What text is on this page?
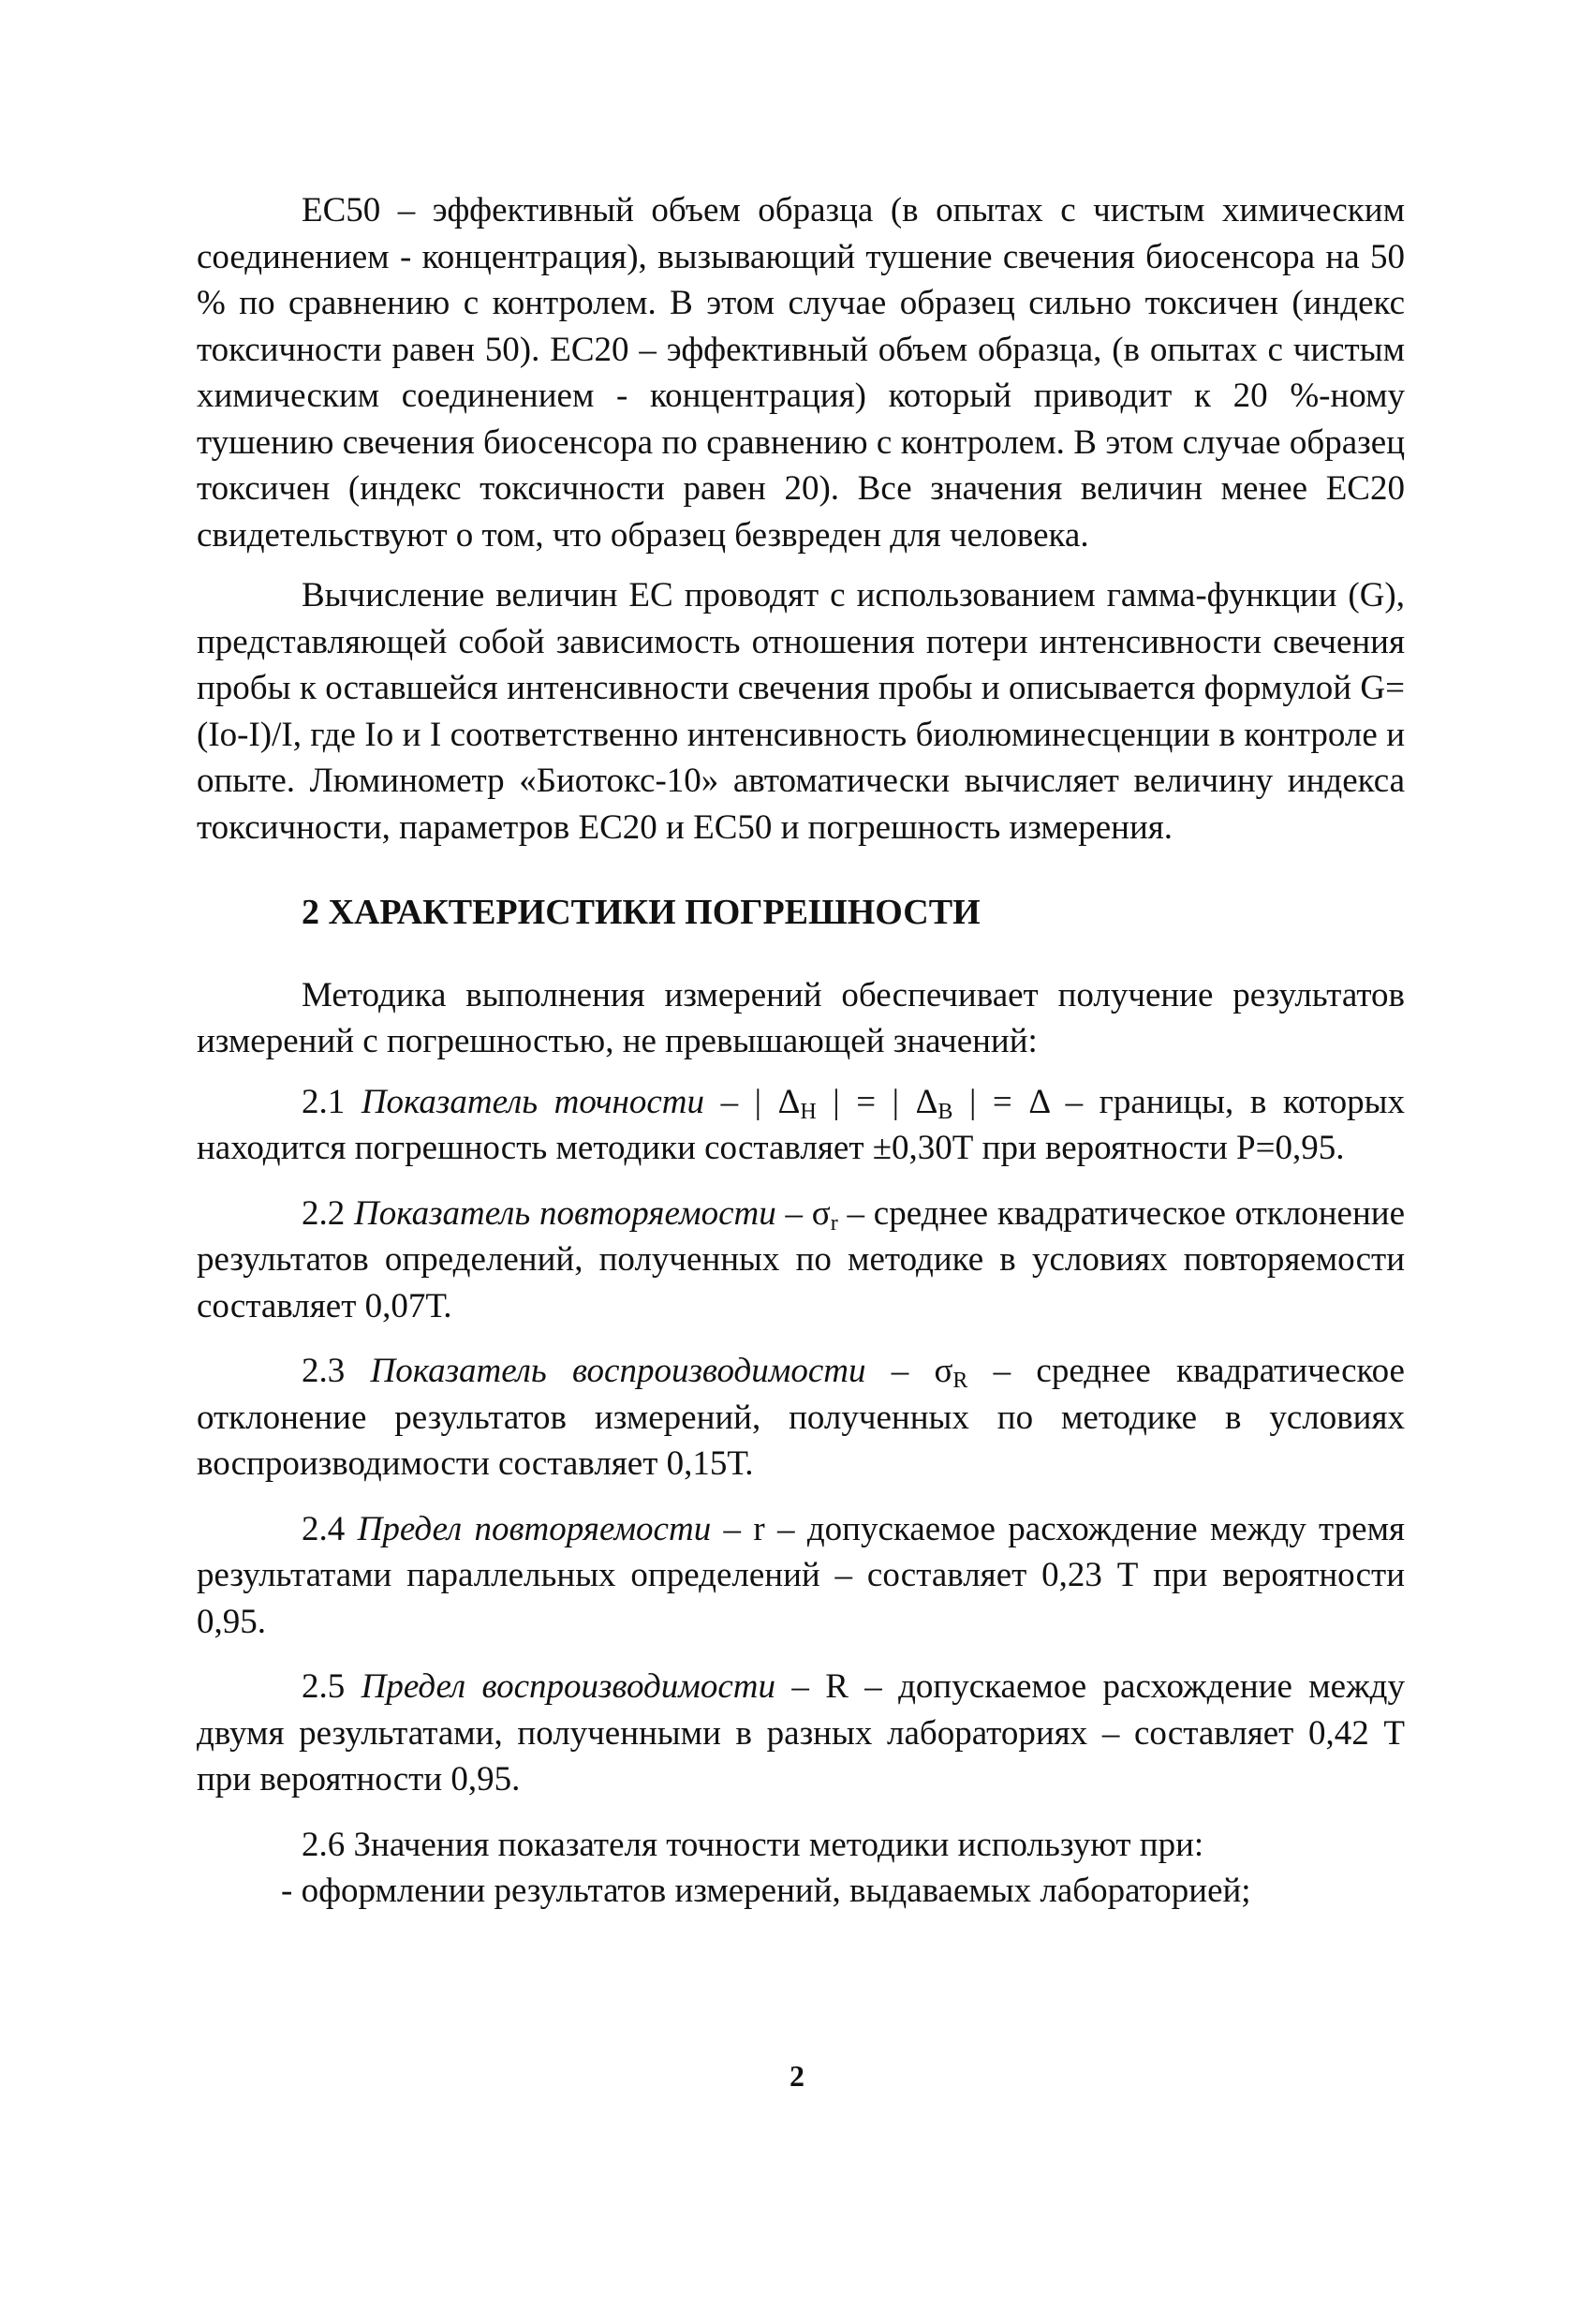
EC50 – эффективный объем образца (в опытах с чистым химическим соединением - концентрация), вызывающий тушение свечения биосенсора на 50 % по сравнению с контролем. В этом случае образец сильно токсичен (индекс токсичности равен 50). EC20 – эффективный объем образца, (в опытах с чистым химическим соединением - концентрация) который приводит к 20 %-ному тушению свечения биосенсора по сравнению с контролем. В этом случае образец токсичен (индекс токсичности равен 20). Все значения величин менее EC20 свидетельствуют о том, что образец безвреден для человека.

Вычисление величин ЕС проводят с использованием гамма-функции (G), представляющей собой зависимость отношения потери интенсивности свечения пробы к оставшейся интенсивности свечения пробы и описывается формулой G=(Io-I)/I, где Io и I соответственно интенсивность биолюминесценции в контроле и опыте. Люминометр «Биотокс-10» автоматически вычисляет величину индекса токсичности, параметров ЕС20 и ЕС50 и погрешность измерения.

2 ХАРАКТЕРИСТИКИ ПОГРЕШНОСТИ

Методика выполнения измерений обеспечивает получение результатов измерений с погрешностью, не превышающей значений:

2.1 Показатель точности – | $\Delta_Н$ | = | $\Delta_В$ | = Δ – границы, в которых находится погрешность методики составляет ±0,30Т при вероятности Р=0,95.

2.2 Показатель повторяемости – $\sigma_r$ – среднее квадратическое отклонение результатов определений, полученных по методике в условиях повторяемости составляет 0,07Т.

2.3 Показатель воспроизводимости – $\sigma_R$ – среднее квадратическое отклонение результатов измерений, полученных по методике в условиях воспроизводимости составляет 0,15Т.

2.4 Предел повторяемости – r – допускаемое расхождение между тремя результатами параллельных определений – составляет 0,23 Т при вероятности 0,95.

2.5 Предел воспроизводимости – R – допускаемое расхождение между двумя результатами, полученными в разных лабораториях – составляет 0,42 Т при вероятности 0,95.

2.6 Значения показателя точности методики используют при:

- оформлении результатов измерений, выдаваемых лабораторией;

2
